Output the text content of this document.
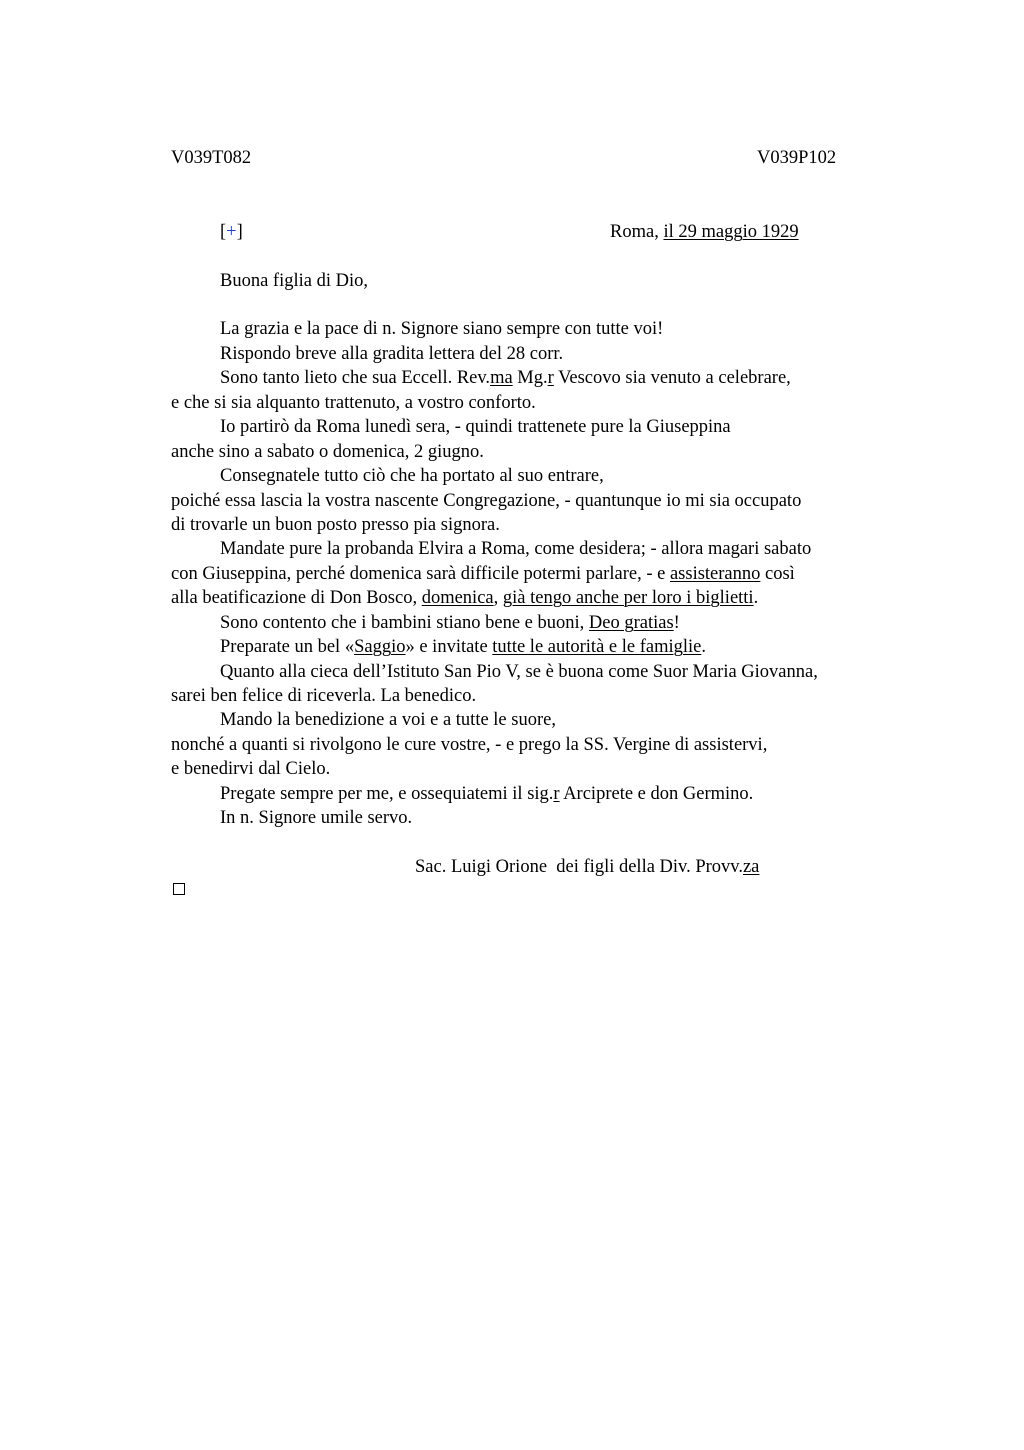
V039T082	V039P102
[+]	Roma, il 29 maggio 1929
Buona figlia di Dio,
La grazia e la pace di n. Signore siano sempre con tutte voi!
Rispondo breve alla gradita lettera del 28 corr.
Sono tanto lieto che sua Eccell. Rev.ma Mg.r Vescovo sia venuto a celebrare,
e che si sia alquanto trattenuto, a vostro conforto.
Io partirò da Roma lunedì sera, - quindi trattenete pure la Giuseppina
anche sino a sabato o domenica, 2 giugno.
Consegnatele tutto ciò che ha portato al suo entrare,
poiché essa lascia la vostra nascente Congregazione, - quantunque io mi sia occupato
di trovarle un buon posto presso pia signora.
Mandate pure la probanda Elvira a Roma, come desidera; - allora magari sabato
con Giuseppina, perché domenica sarà difficile potermi parlare, - e assisteranno così
alla beatificazione di Don Bosco, domenica, già tengo anche per loro i biglietti.
Sono contento che i bambini stiano bene e buoni, Deo gratias!
Preparate un bel «Saggio» e invitate tutte le autorità e le famiglie.
Quanto alla cieca dell’Istituto San Pio V, se è buona come Suor Maria Giovanna,
sarei ben felice di riceverla. La benedico.
Mando la benedizione a voi e a tutte le suore,
nonché a quanti si rivolgono le cure vostre, - e prego la SS. Vergine di assistervi,
e benedirvi dal Cielo.
Pregate sempre per me, e ossequiatemi il sig.r Arciprete e don Germino.
In n. Signore umile servo.
Sac. Luigi Orione  dei figli della Div. Provv.za
